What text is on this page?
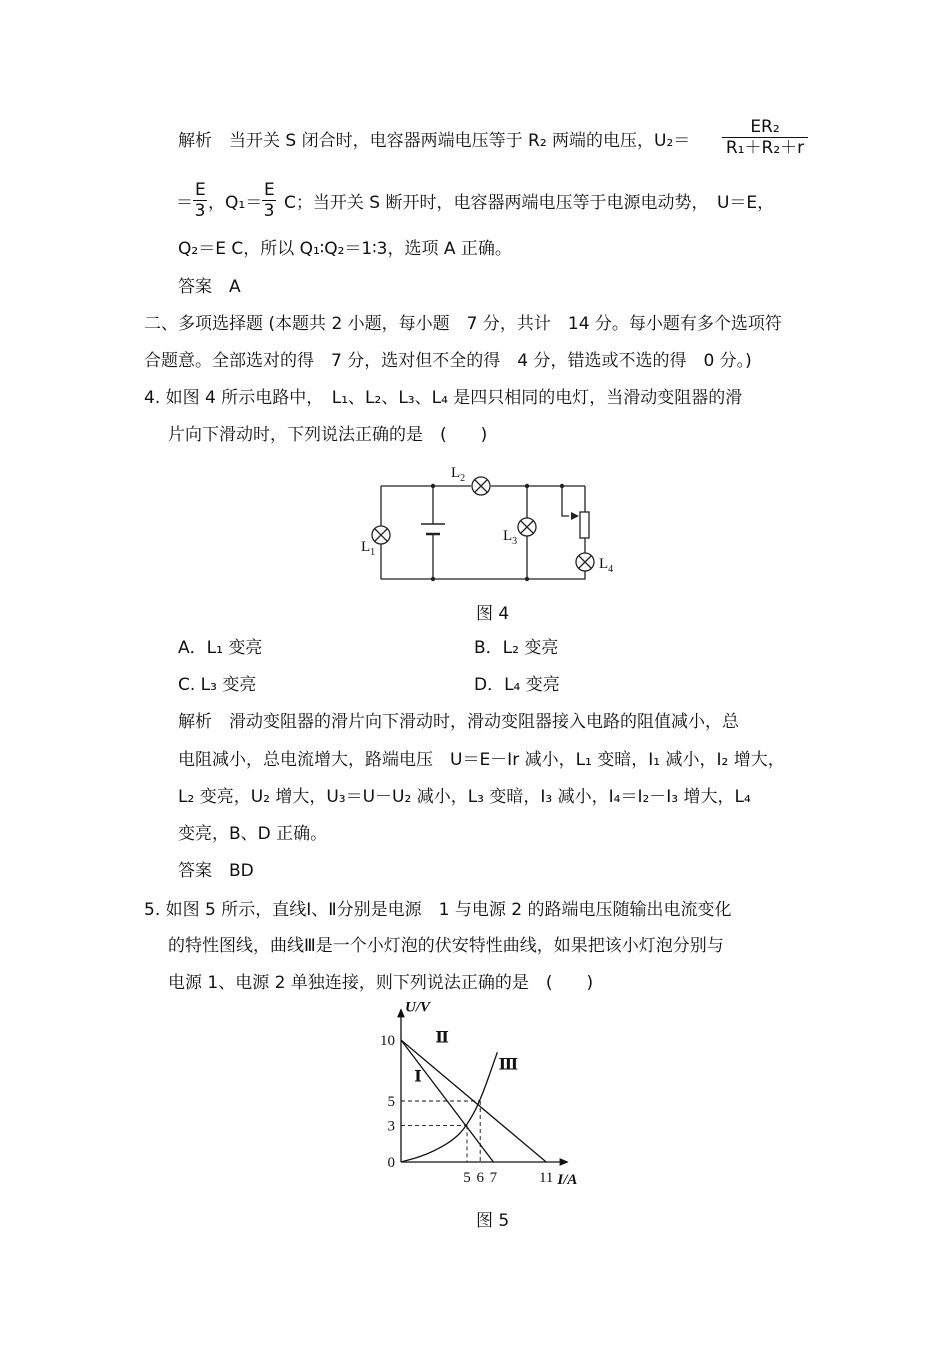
解析　当开关 S 闭合时，电容器两端电压等于 R₂ 两端的电压，$U_2= \frac{\text{ER₂}}{\text{R₁＋R₂＋r}}$
＝ $\frac{E}{3}$ ，$Q_1= \frac{E}{3}$ C；当开关 S 断开时，电容器两端电压等于电源电动势，　U＝E，
Q₂＝E C，所以 Q₁∶Q₂＝1∶3，选项 A 正确。
答案　A
二、多项选择题 (本题共 2 小题，每小题　7 分，共计　14 分。每小题有多个选项符
合题意。全部选对的得　7 分，选对但不全的得　4 分，错选或不选的得　0 分。)
4. 如图 4 所示电路中，　L₁、L₂、L₃、L₄ 是四只相同的电灯，当滑动变阻器的滑
片向下滑动时，下列说法正确的是　(　　)
$L_1$
$L_2$
$L_3$
$L_4$
图 4
A．L₁ 变亮	B．L₂ 变亮
C. L₃ 变亮	D．L₄ 变亮
解析　滑动变阻器的滑片向下滑动时，滑动变阻器接入电路的阻值减小，总
电阻减小，总电流增大，路端电压　U＝E－Ir 减小，L₁ 变暗，I₁ 减小，I₂ 增大，
L₂ 变亮，U₂ 增大，U₃＝U－U₂ 减小，L₃ 变暗，I₃ 减小，I₄＝I₂－I₃ 增大，L₄
变亮，B、D 正确。
答案　BD
5. 如图 5 所示，直线Ⅰ、Ⅱ分别是电源　1 与电源 2 的路端电压随输出电流变化
的特性图线，曲线Ⅲ是一个小灯泡的伏安特性曲线，如果把该小灯泡分别与
电源 1、电源 2 单独连接，则下列说法正确的是　(　　)
U/V
I/A
10
5
3
0
5 6 7	11
Ⅰ
Ⅱ
Ⅲ
图 5
